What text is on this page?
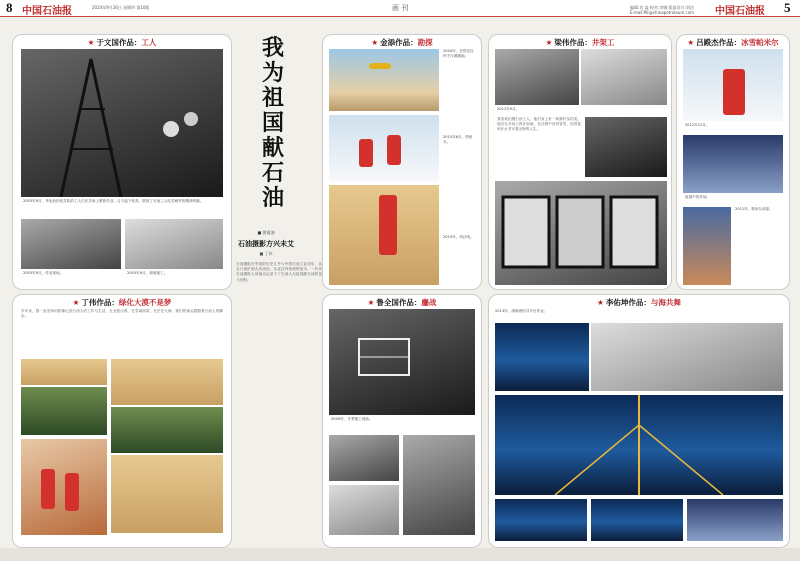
8 中国石油报	2024年9月26日 星期四 第10版	画 刊	编辑:肖 淼 校对:李娜 版面设计:刘洁
E-mail:PE@chinapetroleum.com 中国石油报 5
★ 于文国作品：工人
2003年9月，华北油田钻井队的工人们在井场上紧张作业，合力起下钻具，展现了石油工人吃苦耐劳的精神风貌。
2003年9月，作业现场。	2003年9月，现场施工。
我为祖国献石油
■ 图说油
石油摄影方兴未艾
■ 丁伟
石油摄影在中国的历史几乎与中国石油工业同步，从玉门油矿到大庆油田，从克拉玛依到塔里木，一代代石油摄影人用镜头记录下了石油人为祖国献石油的奋斗历程。
★ 金添作品：勘探
2004年，在塔克拉玛干沙漠腹地。
2015年6月，塔里木。
2019年，风沙线。
★ 梁伟作品：井架工
2011年9月。
我喜欢拍摄石油工人，他们身上有一种最朴实的美。他们在井场上挥汗如雨，在沙漠中顶风冒雪，用青春和汗水书写着无悔的人生。
★ 吕殿杰作品：冰雪帕米尔
2012年12月。
夜幕中的井场。
2011年，帕米尔高原。
★ 丁伟作品：绿化大漠不是梦
多年来，我一直坚持用影像记录石油人的工作与生活，在戈壁沙漠、在雪域高原、在茫茫大海，我们的镜头跟随着石油人的脚步。
★ 鲁全国作品：鏖战
2009年，冬季施工现场。
★ 李佑坤作品：与海共舞
2013年，渤海湾钻井平台作业。
